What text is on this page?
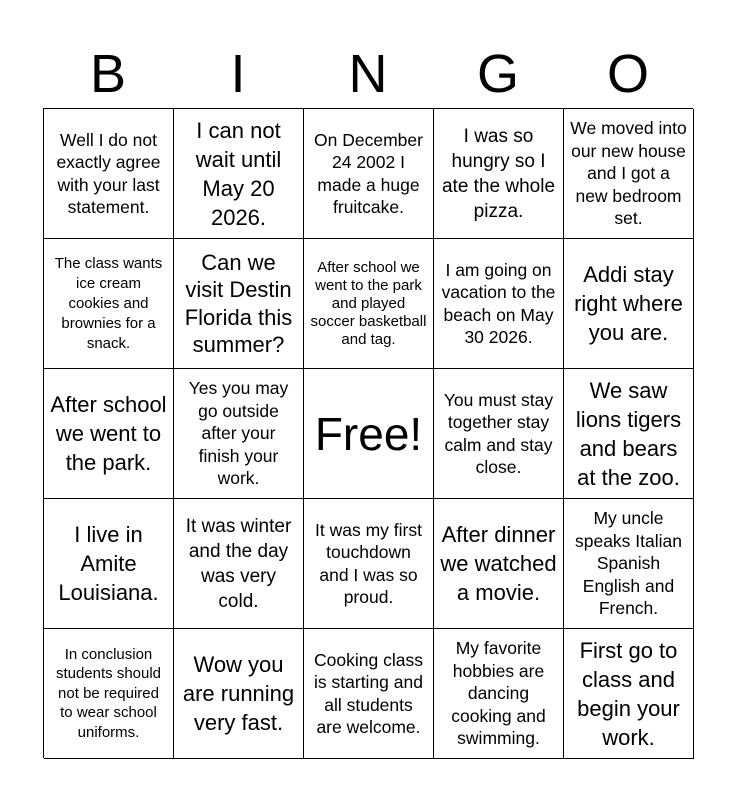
B	I	N	G	O
Well I do not exactly agree with your last statement.
I can not wait until May 20 2026.
On December 24 2002 I made a huge fruitcake.
I was so hungry so I ate the whole pizza.
We moved into our new house and I got a new bedroom set.
The class wants ice cream cookies and brownies for a snack.
Can we visit Destin Florida this summer?
After school we went to the park and played soccer basketball and tag.
I am going on vacation to the beach on May 30 2026.
Addi stay right where you are.
After school we went to the park.
Yes you may go outside after your finish your work.
Free!
You must stay together stay calm and stay close.
We saw lions tigers and bears at the zoo.
I live in Amite Louisiana.
It was winter and the day was very cold.
It was my first touchdown and I was so proud.
After dinner we watched a movie.
My uncle speaks Italian Spanish English and French.
In conclusion students should not be required to wear school uniforms.
Wow you are running very fast.
Cooking class is starting and all students are welcome.
My favorite hobbies are dancing cooking and swimming.
First go to class and begin your work.
